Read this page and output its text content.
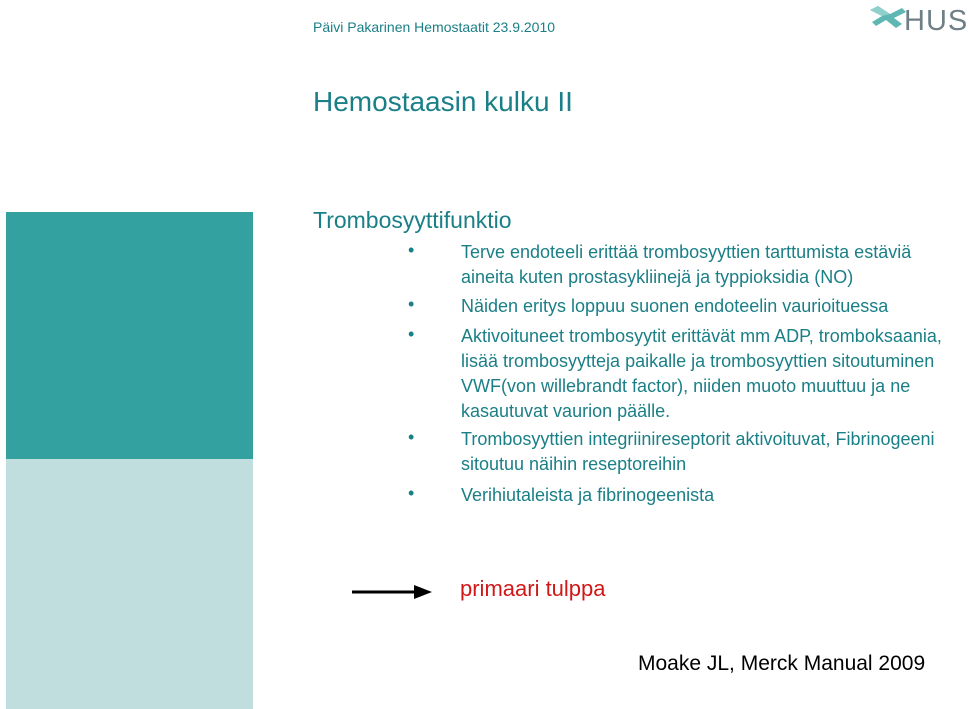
Päivi Pakarinen Hemostaatit 23.9.2010	HUS
Hemostaasin kulku II
Trombosyyttifunktio
•	Terve endoteeli erittää trombosyyttien tarttumista estäviä aineita kuten prostasykliinejä ja typpioksidia (NO)
•	Näiden eritys loppuu suonen endoteelin vaurioituessa
•	Aktivoituneet trombosyytit erittävät mm ADP, tromboksaania, lisää trombosyytteja paikalle ja trombosyyttien sitoutuminen VWF(von willebrandt factor), niiden muoto muuttuu ja ne kasautuvat vaurion päälle.
•	Trombosyyttien integriinireseptorit aktivoituvat, Fibrinogeeni sitoutuu näihin reseptoreihin
•	Verihiutaleista ja fibrinogeenista
primaari tulppa
Moake JL, Merck Manual 2009
